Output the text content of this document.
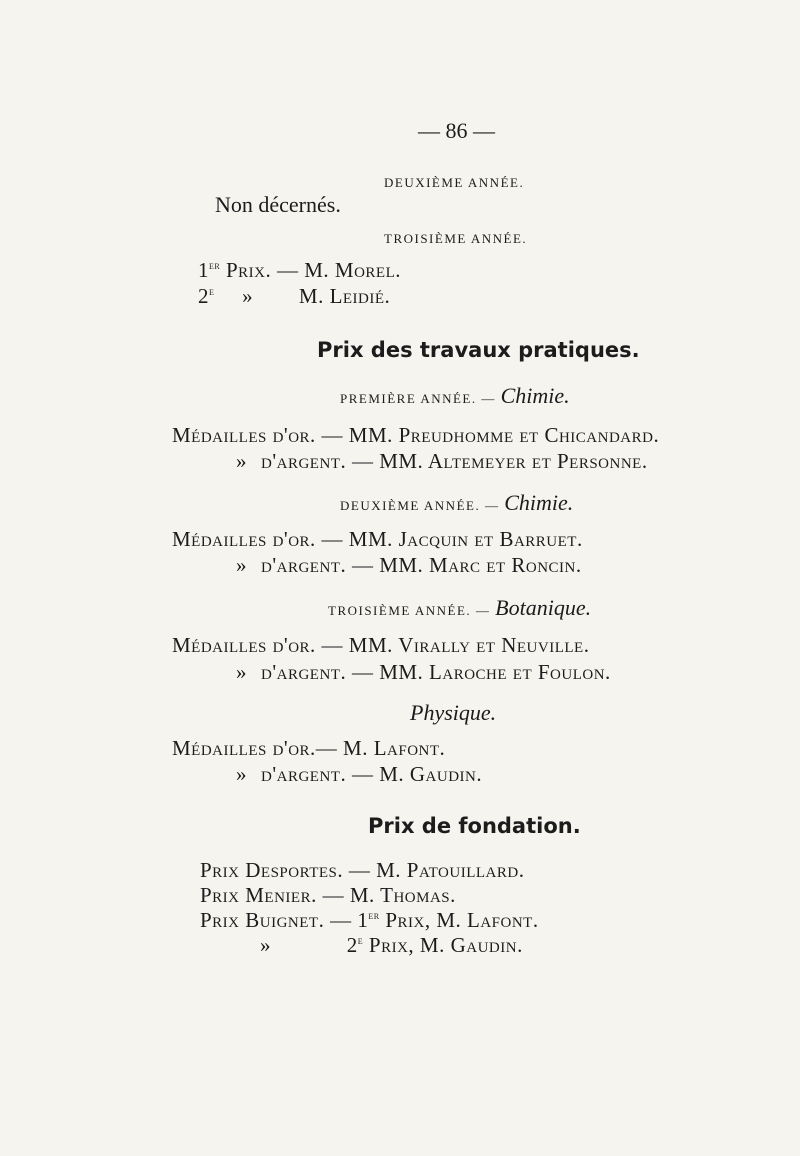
— 86 —
DEUXIÈME ANNÉE.
Non décernés.
TROISIÈME ANNÉE.
1er Prix. — M. Morel.
2e » M. Leidié.
Prix des travaux pratiques.
PREMIÈRE ANNÉE. — Chimie.
Médailles d'or. — MM. Preudhomme et Chicandard.
» d'argent. — MM. Altemeyer et Personne.
DEUXIÈME ANNÉE. — Chimie.
Médailles d'or. — MM. Jacquin et Barruet.
» d'argent. — MM. Marc et Roncin.
TROISIÈME ANNÉE. — Botanique.
Médailles d'or. — MM. Virally et Neuville.
» d'argent. — MM. Laroche et Foulon.
Physique.
Médailles d'or.— M. Lafont.
» d'argent. — M. Gaudin.
Prix de fondation.
Prix Desportes. — M. Patouillard.
Prix Menier. — M. Thomas.
Prix Buignet. — 1er Prix, M. Lafont.
»	2e Prix, M. Gaudin.
